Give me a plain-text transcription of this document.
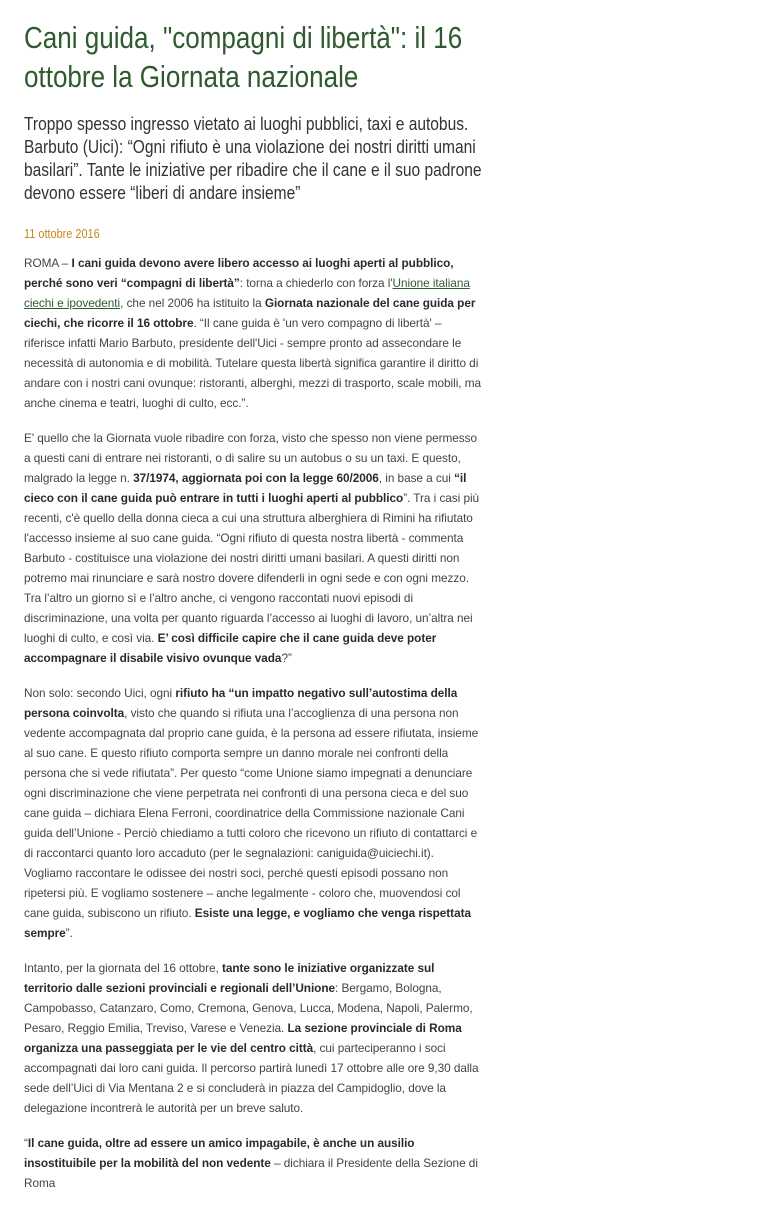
Cani guida, "compagni di libertà": il 16 ottobre la Giornata nazionale
Troppo spesso ingresso vietato ai luoghi pubblici, taxi e autobus. Barbuto (Uici): “Ogni rifiuto è una violazione dei nostri diritti umani basilari”. Tante le iniziative per ribadire che il cane e il suo padrone devono essere “liberi di andare insieme”
11 ottobre 2016

ROMA – I cani guida devono avere libero accesso ai luoghi aperti al pubblico, perché sono veri “compagni di libertà”: torna a chiederlo con forza l'Unione italiana ciechi e ipovedenti, che nel 2006 ha istituito la Giornata nazionale del cane guida per ciechi, che ricorre il 16 ottobre. “Il cane guida è 'un vero compagno di libertà' – riferisce infatti Mario Barbuto, presidente dell'Uici - sempre pronto ad assecondare le necessità di autonomia e di mobilità. Tutelare questa libertà significa garantire il diritto di andare con i nostri cani ovunque: ristoranti, alberghi, mezzi di trasporto, scale mobili, ma anche cinema e teatri, luoghi di culto, ecc.”.

E' quello che la Giornata vuole ribadire con forza, visto che spesso non viene permesso a questi cani di entrare nei ristoranti, o di salire su un autobus o su un taxi. E questo, malgrado la legge n. 37/1974, aggiornata poi con la legge 60/2006, in base a cui “il cieco con il cane guida può entrare in tutti i luoghi aperti al pubblico”. Tra i casi più recenti, c'è quello della donna cieca a cui una struttura alberghiera di Rimini ha rifiutato l'accesso insieme al suo cane guida. “Ogni rifiuto di questa nostra libertà - commenta Barbuto - costituisce una violazione dei nostri diritti umani basilari. A questi diritti non potremo mai rinunciare e sarà nostro dovere difenderli in ogni sede e con ogni mezzo. Tra l’altro un giorno sì e l’altro anche, ci vengono raccontati nuovi episodi di discriminazione, una volta per quanto riguarda l’accesso ai luoghi di lavoro, un’altra nei luoghi di culto, e così via. E’ così difficile capire che il cane guida deve poter accompagnare il disabile visivo ovunque vada?”

Non solo: secondo Uici, ogni rifiuto ha “un impatto negativo sull’autostima della persona coinvolta, visto che quando si rifiuta una l’accoglienza di una persona non vedente accompagnata dal proprio cane guida, è la persona ad essere rifiutata, insieme al suo cane. E questo rifiuto comporta sempre un danno morale nei confronti della persona che si vede rifiutata”. Per questo “come Unione siamo impegnati a denunciare ogni discriminazione che viene perpetrata nei confronti di una persona cieca e del suo cane guida – dichiara Elena Ferroni, coordinatrice della Commissione nazionale Cani guida dell’Unione - Perciò chiediamo a tutti coloro che ricevono un rifiuto di contattarci e di raccontarci quanto loro accaduto (per le segnalazioni: caniguida@uiciechi.it). Vogliamo raccontare le odissee dei nostri soci, perché questi episodi possano non ripetersi più. E vogliamo sostenere – anche legalmente - coloro che, muovendosi col cane guida, subiscono un rifiuto. Esiste una legge, e vogliamo che venga rispettata sempre”.

Intanto, per la giornata del 16 ottobre, tante sono le iniziative organizzate sul territorio dalle sezioni provinciali e regionali dell’Unione: Bergamo, Bologna, Campobasso, Catanzaro, Como, Cremona, Genova, Lucca, Modena, Napoli, Palermo, Pesaro, Reggio Emilia, Treviso, Varese e Venezia. La sezione provinciale di Roma organizza una passeggiata per le vie del centro città, cui parteciperanno i soci accompagnati dai loro cani guida. Il percorso partirà lunedì 17 ottobre alle ore 9,30 dalla sede dell’Uici di Via Mentana 2 e si concluderà in piazza del Campidoglio, dove la delegazione incontrerà le autorità per un breve saluto.

“Il cane guida, oltre ad essere un amico impagabile, è anche un ausilio insostituibile per la mobilità del non vedente – dichiara il Presidente della Sezione di Roma
